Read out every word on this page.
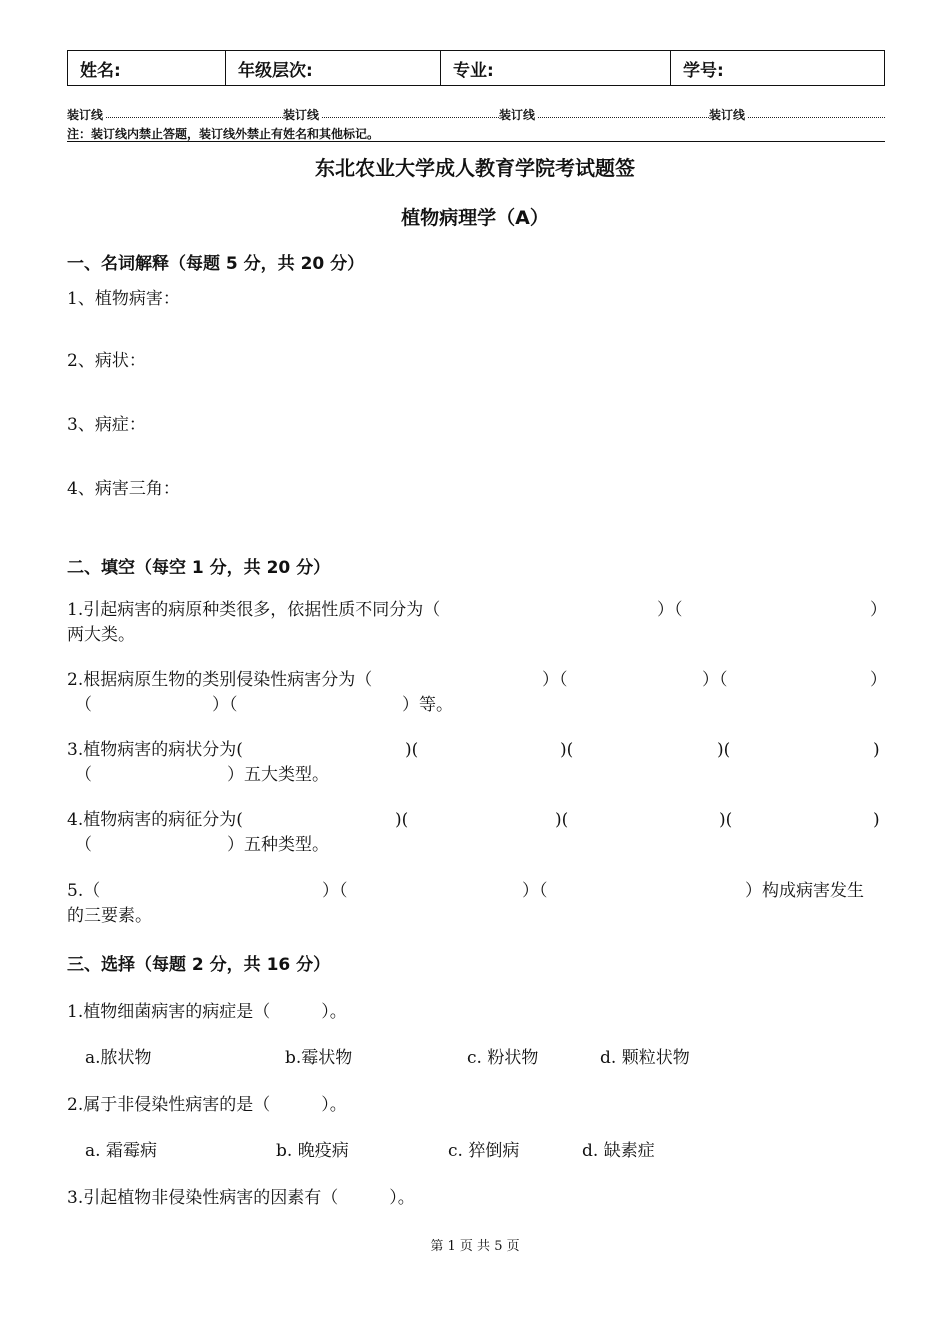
姓名:	年级层次:	专业:	学号:
装订线	装订线	装订线	装订线
注：装订线内禁止答题，装订线外禁止有姓名和其他标记。
东北农业大学成人教育学院考试题签
植物病理学（A）
一、名词解释（每题 5 分，共 20 分）
1、植物病害：
2、病状：
3、病症：
4、病害三角：
二、填空（每空 1 分，共 20 分）
1.引起病害的病原种类很多，依据性质不同分为（	）（	）
两大类。
2.根据病原生物的类别侵染性病害分为（	）（	）（	）
（	）（	）等。
3.植物病害的病状分为(	)(	)(	)(	)
（	）五大类型。
4.植物病害的病征分为(	)(	)(	)(	)
（	）五种类型。
5.（	）（	）（	）构成病害发生
的三要素。
三、选择（每题 2 分，共 16 分）
1.植物细菌病害的病症是（　　　）。
a.脓状物	b.霉状物	c. 粉状物	d. 颗粒状物
2.属于非侵染性病害的是（　　　）。
a. 霜霉病	b. 晚疫病	c. 猝倒病	d. 缺素症
3.引起植物非侵染性病害的因素有（　　　）。
第 1 页 共 5 页
